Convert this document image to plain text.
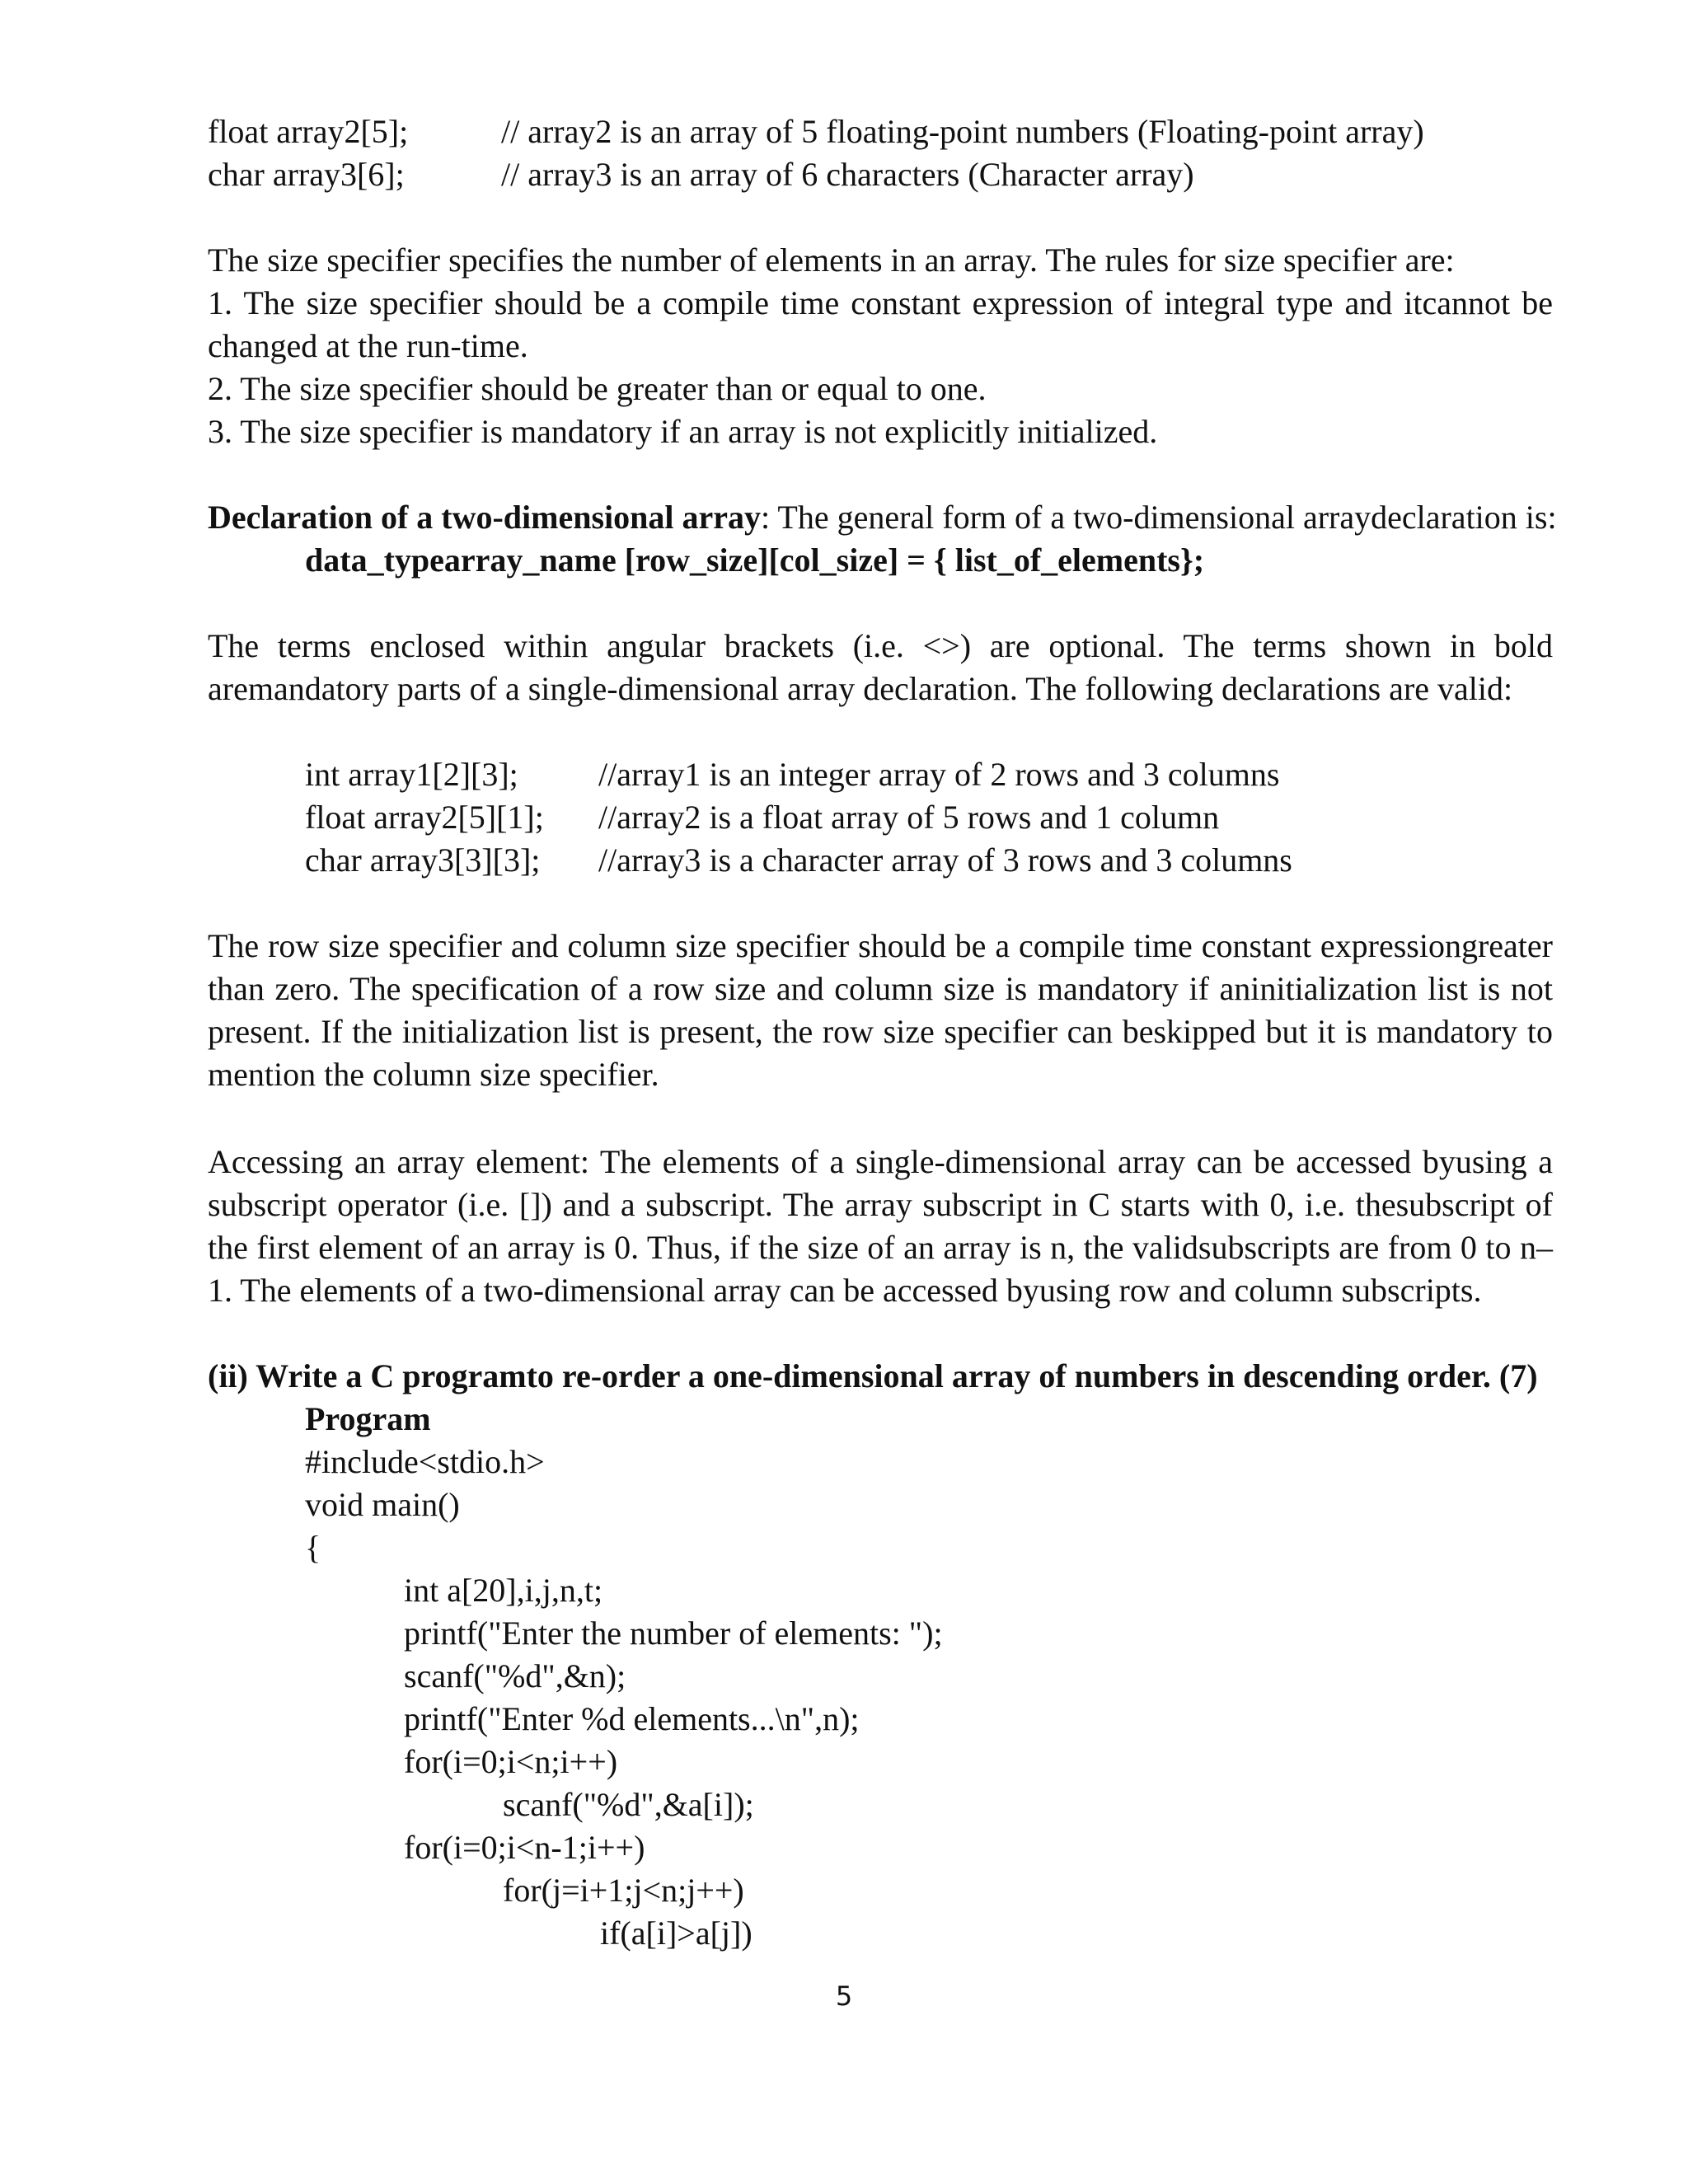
float array2[5];	// array2 is an array of 5 floating-point numbers (Floating-point array)
char array3[6];	// array3 is an array of 6 characters (Character array)
The size specifier specifies the number of elements in an array. The rules for size specifier are:
1. The size specifier should be a compile time constant expression of integral type and itcannot be changed at the run-time.
2. The size specifier should be greater than or equal to one.
3. The size specifier is mandatory if an array is not explicitly initialized.
Declaration of a two-dimensional array: The general form of a two-dimensional arraydeclaration is:
data_typearray_name [row_size][col_size] = { list_of_elements};
The terms enclosed within angular brackets (i.e. <>) are optional. The terms shown in bold aremandatory parts of a single-dimensional array declaration. The following declarations are valid:
int array1[2][3]; //array1 is an integer array of 2 rows and 3 columns
float array2[5][1]; //array2 is a float array of 5 rows and 1 column
char array3[3][3]; //array3 is a character array of 3 rows and 3 columns
The row size specifier and column size specifier should be a compile time constant expressiongreater than zero. The specification of a row size and column size is mandatory if aninitialization list is not present. If the initialization list is present, the row size specifier can beskipped but it is mandatory to mention the column size specifier.
Accessing an array element: The elements of a single-dimensional array can be accessed byusing a subscript operator (i.e. []) and a subscript. The array subscript in C starts with 0, i.e. thesubscript of the first element of an array is 0. Thus, if the size of an array is n, the validsubscripts are from 0 to n–1. The elements of a two-dimensional array can be accessed byusing row and column subscripts.
(ii) Write a C programto re-order a one-dimensional array of numbers in descending order. (7)
Program
#include<stdio.h>
void main()
{
int a[20],i,j,n,t;
printf("Enter the number of elements: ");
scanf("%d",&n);
printf("Enter %d elements...\n",n);
for(i=0;i<n;i++)
scanf("%d",&a[i]);
for(i=0;i<n-1;i++)
for(j=i+1;j<n;j++)
if(a[i]>a[j])
5
